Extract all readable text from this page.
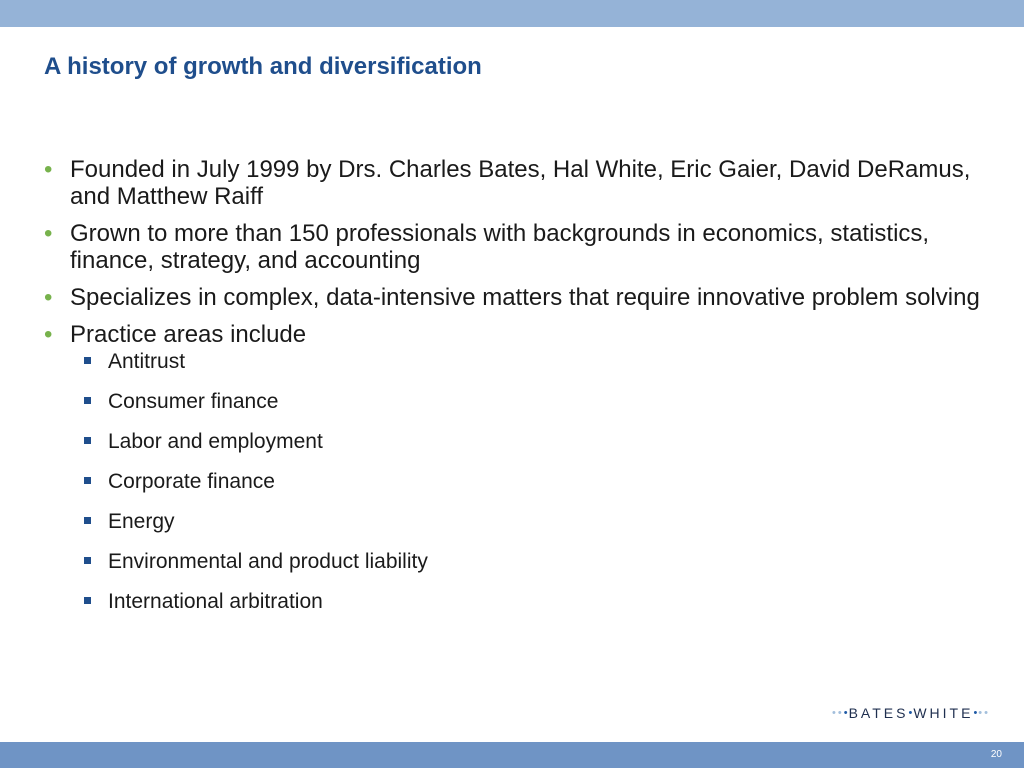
A history of growth and diversification
• Founded in July 1999 by Drs. Charles Bates, Hal White, Eric Gaier, David DeRamus, and Matthew Raiff
• Grown to more than 150 professionals with backgrounds in economics, statistics, finance, strategy, and accounting
• Specializes in complex, data-intensive matters that require innovative problem solving
• Practice areas include
Antitrust
Consumer finance
Labor and employment
Corporate finance
Energy
Environmental and product liability
International arbitration
•• • BATES • WHITE • ••
20
